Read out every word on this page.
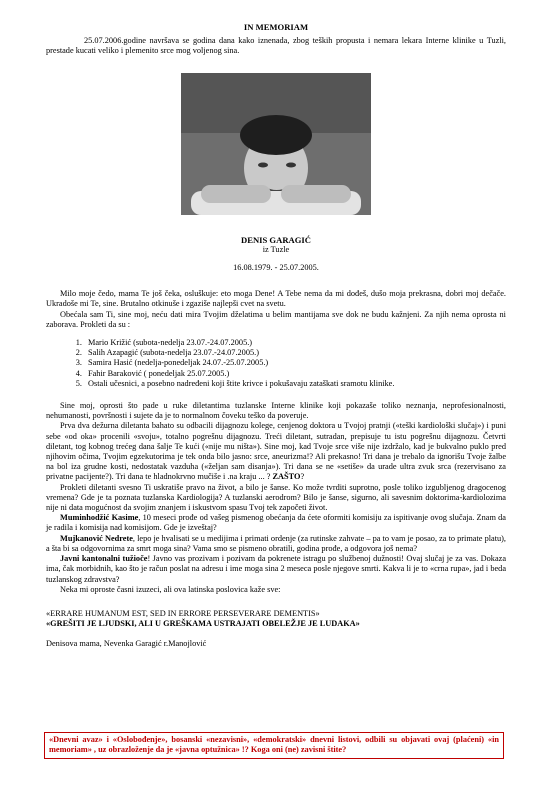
IN MEMORIAM

25.07.2006.godine navršava se godina dana kako iznenada, zbog teških propusta i nemara lekara Interne klinike u Tuzli, prestade kucati veliko i plemenito srce mog voljenog sina.

DENIS GARAGIĆ
iz Tuzle
16.08.1979. - 25.07.2005.

Milo moje čedo, mama Te još čeka, osluškuje: eto moga Dene! A Tebe nema da mi dođeš, dušo moja prekrasna, dobri moj dečače. Ukradoše mi Te, sine. Brutalno otkinuše i zgaziše najlepši cvet na svetu.

Obećala sam Ti, sine moj, neću dati mira Tvojim dželatima u belim mantijama sve dok ne budu kažnjeni. Za njih nema oprosta ni zaborava. Prokleti da su :

1. Mario Križić (subota-nedelja 23.07.-24.07.2005.)
2. Salih Azapagić (subota-nedelja 23.07.-24.07.2005.)
3. Samira Hasić (nedelja-ponedeljak 24.07.-25.07.2005.)
4. Fahir Baraković ( ponedeljak 25.07.2005.)
5. Ostali učesnici, a posebno nadređeni koji štite krivce i pokušavaju zataškati sramotu klinike.

Sine moj, oprosti što pade u ruke diletantima tuzlanske Interne klinike koji pokazaše toliko neznanja, neprofesionalnosti, nehumanosti, površnosti i sujete da je to normalnom čoveku teško da poveruje.

Prva dva dežurna diletanta bahato su odbacili dijagnozu kolege, cenjenog doktora u Tvojoj pratnji («teški kardiološki slučaj») i puni sebe «od oka» procenili «svoju», totalno pogrešnu dijagnozu. Treći diletant, sutradan, prepisuje tu istu pogrešnu dijagnozu. Četvrti diletant, tog kobnog trećeg dana šalje Te kući («nije mu ništa»). Sine moj, kad Tvoje srce više nije izdržalo, kad je bukvalno puklo pred njihovim očima, Tvojim egzekutorima je tek onda bilo jasno: srce, aneurizma!? Ali prekasno! Tri dana je trebalo da ignorišu Tvoje žalbe na bol iza grudne kosti, nedostatak vazduha («željan sam disanja»). Tri dana se ne «setiše» da urade ultra zvuk srca (rezervisano za privatne pacijente?). Tri dana te hladnokrvno mučiše i .na kraju ... ? ZAŠTO?

Prokleti diletanti svesno Ti uskratiše pravo na život, a bilo je šanse. Ko može tvrditi suprotno, posle toliko izgubljenog dragocenog vremena? Gde je ta poznata tuzlanska Kardiologija? A tuzlanski aerodrom? Bilo je šanse, sigurno, ali savesnim doktorima-kardiolozima nije ni data mogućnost da svojim znanjem i iskustvom spasu Tvoj tek započeti život.

Muminhodžić Kasime, 10 meseci prođe od vašeg pismenog obećanja da ćete oformiti komisiju za ispitivanje ovog slučaja. Znam da je radila i komisija nad komisijom. Gde je izveštaj?

Mujkanović Nedrete, lepo je hvalisati se u medijima i primati ordenje (za rutinske zahvate – pa to vam je posao, za to primate platu), a šta bi sa odgovornima za smrt moga sina? Vama smo se pismeno obratili, godina prođe, a odgovora još nema?

Javni kantonalni tužioče! Javno vas prozivam i pozivam da pokrenete istragu po službenoj dužnosti! Ovaj slučaj je za vas. Dokaza ima, čak morbidnih, kao što je račun poslat na adresu i ime moga sina 2 meseca posle njegove smrti. Kakva li je to «crna rupa», jad i beda tuzlanskog zdravstva?

Neka mi oproste časni izuzeci, ali ova latinska poslovica kaže sve:

«ERRARE HUMANUM EST, SED IN ERRORE PERSEVERARE DEMENTIS»
«GREŠITI JE LJUDSKI, ALI U GREŠKAMA USTRAJATI OBELEŽJE JE LUDAKA»
Denisova mama, Nevenka Garagić r.Manojlović
«Dnevni avaz» i «Oslobođenje», bosanski «nezavisni», «demokratski» dnevni listovi, odbili su objavati ovaj (plaćeni) «in memoriam» , uz obrazloženje da je «javna optužnica» !? Koga oni (ne) zavisni štite?
